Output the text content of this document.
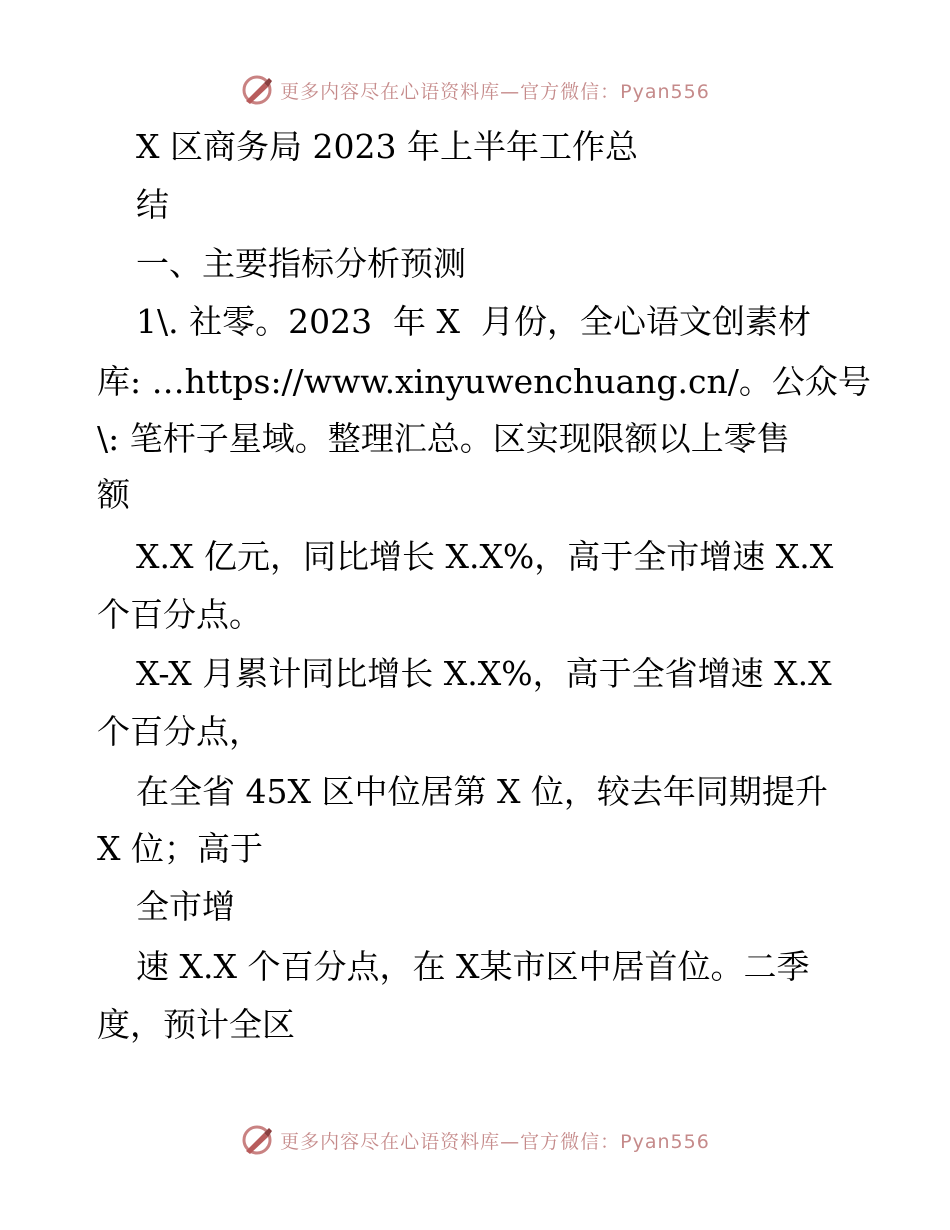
更多内容尽在心语资料库—官方微信：Pyan556
X 区商务局 2023 年上半年工作总
结
一、主要指标分析预测
1\. 社零。2023  年 X  月份，全心语文创素材
库: …https://www.xinyuwenchuang.cn/。公众号
\: 笔杆子星域。整理汇总。区实现限额以上零售
额
X.X 亿元，同比增长 X.X%，高于全市增速 X.X
个百分点。
X-X 月累计同比增长 X.X%，高于全省增速 X.X
个百分点，
在全省 45X 区中位居第 X 位，较去年同期提升
X 位；高于
全市增
速 X.X 个百分点，在 X某市区中居首位。二季
度，预计全区
更多内容尽在心语资料库—官方微信：Pyan556
